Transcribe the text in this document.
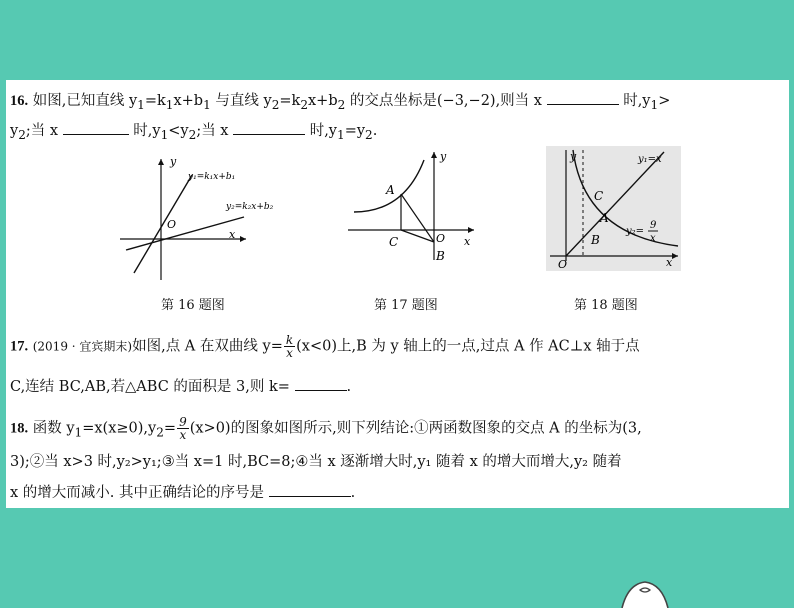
16. 如图,已知直线 $y_1=k_1x+b_1$ 与直线 $y_2=k_2x+b_2$ 的交点坐标是(−3,−2),则当 x	时$,y_1>$
$y_2$;当 x	时$,y_1<y_2$;当 x	时$,y_1=y_2$.
y
x
O
y₁=k₁x+b₁
y₂=k₂x+b₂
第 16 题图
A
C
B
O
y
x
第 17 题图
y
x
O
C
A
B
y₁=x
y₂=
9
x
第 18 题图
17. (2019 · 宜宾期末)如图,点 A 在双曲线 $y= \frac{k}{x} (x<0)$上,B 为 y 轴上的一点,过点 A 作 AC⊥x 轴于点
C,连结 BC,AB,若△ABC 的面积是 3,则 k=	.
18. 函数 $y_1=x(x\ge 0),y_2= \frac{9}{x} (x>0)$的图象如图所示,则下列结论:①两函数图象的交点 A 的坐标为(3,
3);②当 x>3 时,y₂>y₁;③当 x=1 时,BC=8;④当 x 逐渐增大时,y₁ 随着 x 的增大而增大,y₂ 随着
x 的增大而减小. 其中正确结论的序号是	.
